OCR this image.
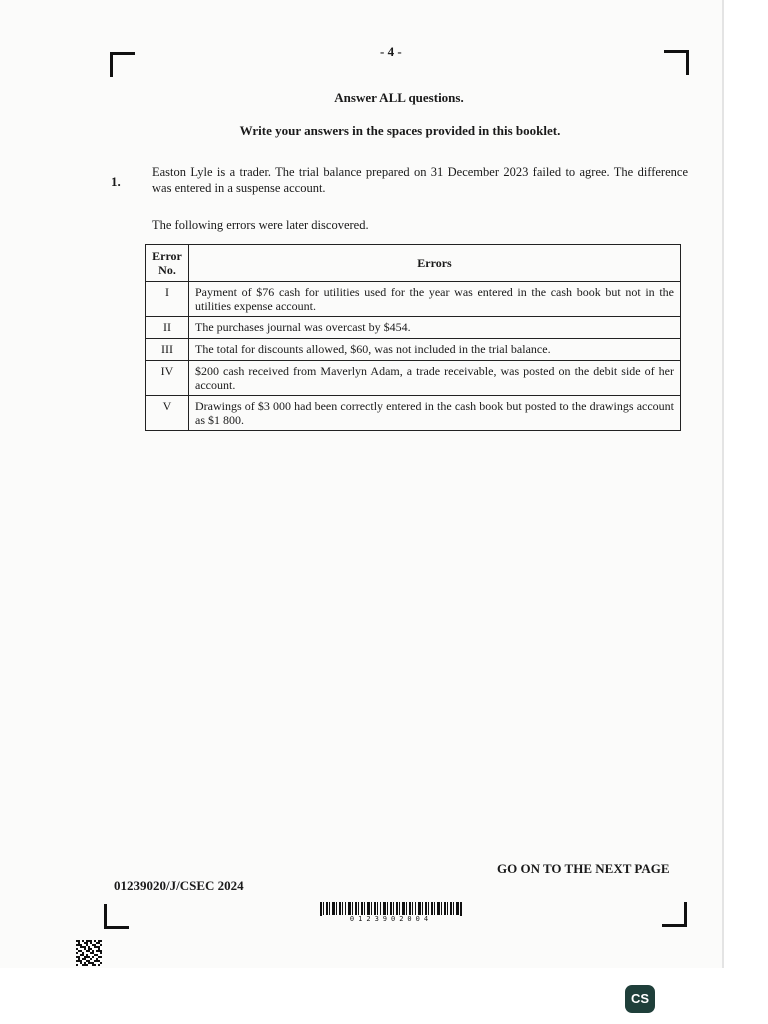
- 4 -
Answer ALL questions.
Write your answers in the spaces provided in this booklet.
1.
Easton Lyle is a trader. The trial balance prepared on 31 December 2023 failed to agree. The difference was entered in a suspense account.
The following errors were later discovered.
Error No.	Errors
I	Payment of $76 cash for utilities used for the year was entered in the cash book but not in the utilities expense account.
II	The purchases journal was overcast by $454.
III	The total for discounts allowed, $60, was not included in the trial balance.
IV	$200 cash received from Maverlyn Adam, a trade receivable, was posted on the debit side of her account.
V	Drawings of $3 000 had been correctly entered in the cash book but posted to the drawings account as $1 800.
GO ON TO THE NEXT PAGE
01239020/J/CSEC 2024
0123902004
CS
